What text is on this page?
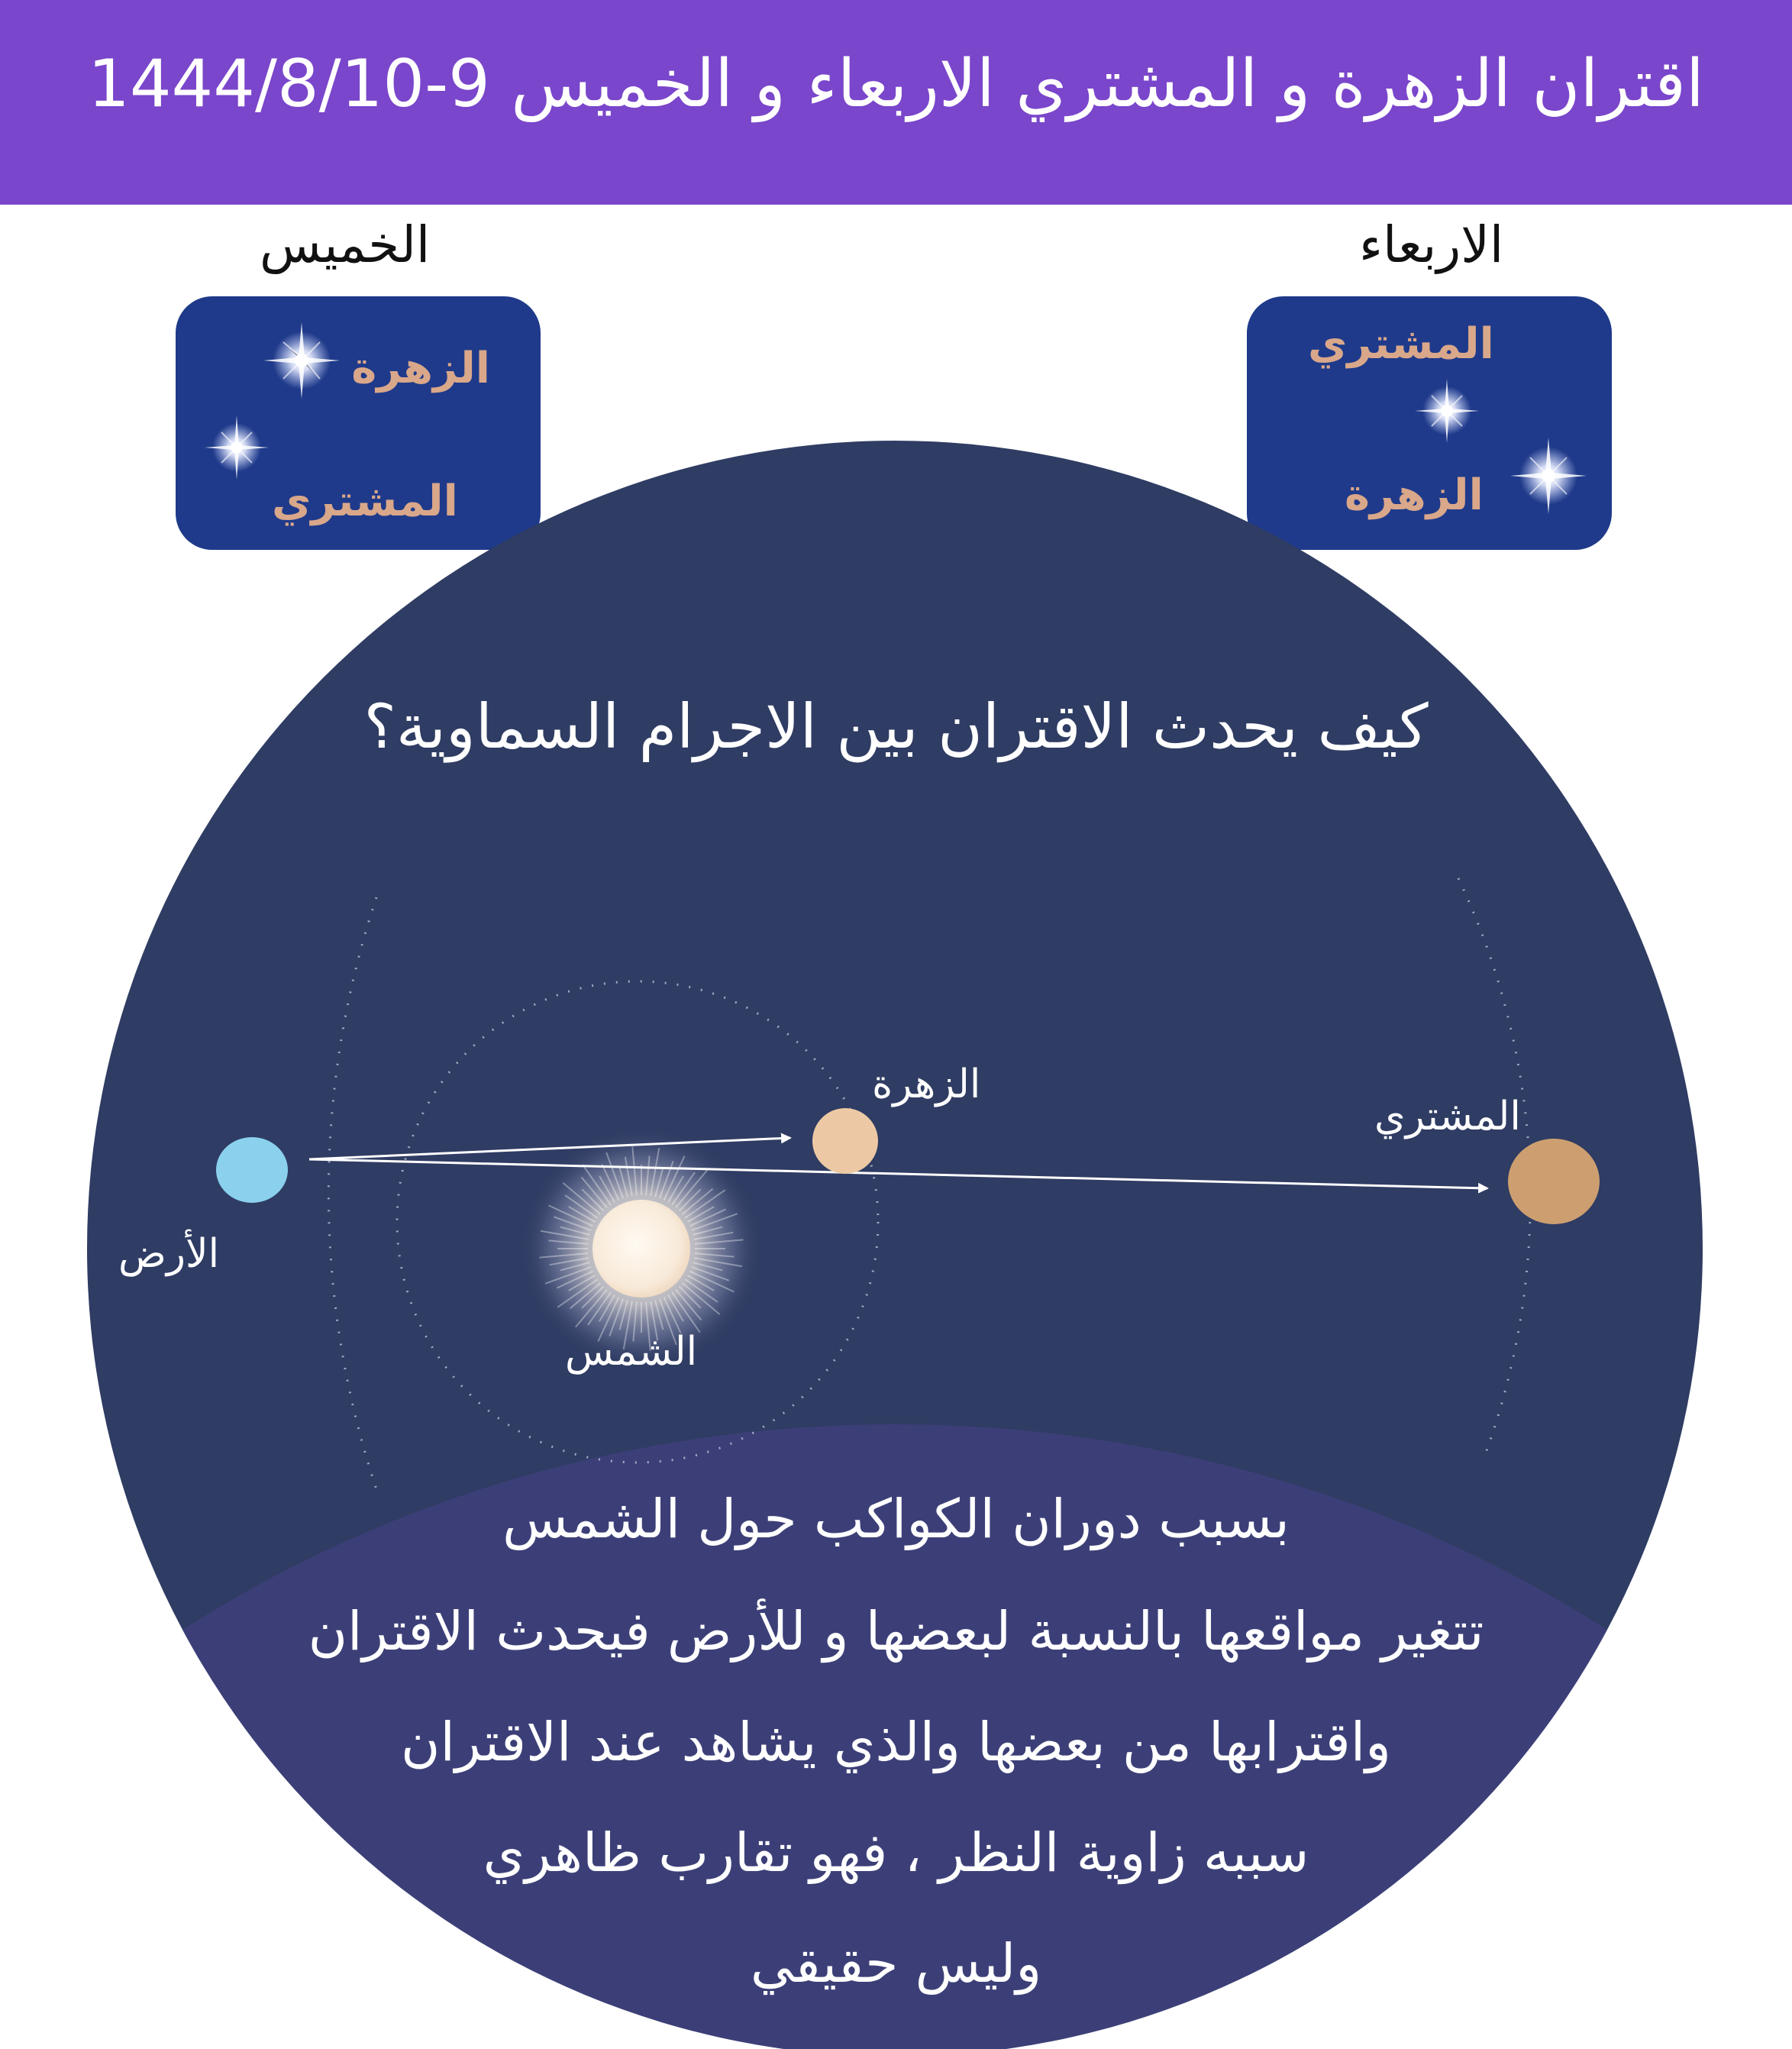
اقتران الزهرة و المشتري الاربعاء و الخميس 9-1444/8/10
الخميس	الاربعاء
الزهرة
المشتري
المشتري
الزهرة
كيف يحدث الاقتران بين الاجرام السماوية؟
الزهرة
المشتري
الأرض
الشمس
بسبب دوران الكواكب حول الشمس
تتغير مواقعها بالنسبة لبعضها و للأرض فيحدث الاقتران
واقترابها من بعضها والذي يشاهد عند الاقتران
سببه زاوية النظر ، فهو تقارب ظاهري
وليس حقيقي
